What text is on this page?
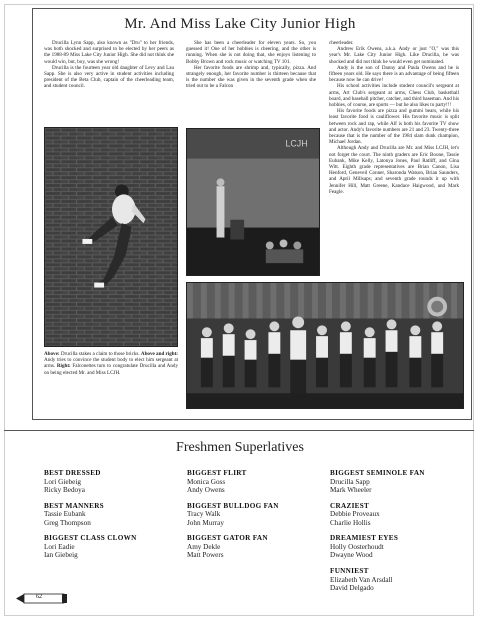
Mr. And Miss Lake City Junior High

Drucilla Lynn Sapp, also known as "Dru" to her friends, was both shocked and surprised to be elected by her peers as the 1988-89 Miss Lake City Junior High. She did not think she would win, but, boy, was she wrong!

Drucilla is the fourteen year old daughter of Levy and Lau Sapp. She is also very active in student activities including president of the Beta Club, captain of the cheerleading team, and student council.

She has been a cheerleader for eleven years. So, you guessed it! One of her hobbies is cheering, and the other is running. When she is not doing that, she enjoys listening to Bobby Brown and rock music or watching TV 101.

Her favorite foods are shrimp and, typically, pizza. And strangely enough, her favorite number is thirteen because that is the number she was given in the seventh grade when she tried out to be a Falcon

cheerleader.

Andrew Erik Owens, a.k.a. Andy or just "O," was this year's Mr. Lake City Junior High. Like Drucilla, he was shocked and did not think he would even get nominated.

Andy is the son of Danny and Paula Owens and he is fifteen years old. He says there is an advantage of being fifteen because now he can drive!

His school activities include student council's sergeant at arms, Art Club's sergeant at arms, Chess Club, basketball board, and baseball pitcher, catcher, and third baseman. And his hobbies, of course, are sports — but he also likes to party!!!

His favorite foods are pizza and gummi bears, while his least favorite food is cauliflower. His favorite music is split between rock and rap, while Alf is both his favorite TV show and actor. Andy's favorite numbers are 21 and 23. Twenty-three because that is the number of the 1984 slam dunk champion, Michael Jordan.

Although Andy and Drucilla are Mr. and Miss LCJH, let's not forget the court. The ninth graders are Eric Boone, Tassie Eubank, Mike Kelly, Latonya Jones, Paul Ratliff, and Gina Witt. Eighth grade representatives are Brian Canon, Lisa Henford, Geneveil Conner, Sharonda Watson, Brian Saunders, and April Millsaps; and seventh grade rounds it up with Jennifer Hill, Matt Greene, Kandace Haigwood, and Mark Feagle.

LCJH
Above: Drucilla stakes a claim to those bricks. Above and right: Andy tries to convince the student body to elect him sergeant at arms. Right: Falconettes turn to congratulate Drucilla and Andy on being elected Mr. and Miss LCJH.
Freshmen Superlatives
BEST DRESSED
Lori Giebeig
Ricky Bedoya
BEST MANNERS
Tassie Eubank
Greg Thompson
BIGGEST CLASS CLOWN
Lori Eadie
Ian Giebeig
BIGGEST FLIRT
Monica Goss
Andy Owens
BIGGEST BULLDOG FAN
Tracy Walk
John Murray
BIGGEST GATOR FAN
Amy Dekle
Matt Powers
BIGGEST SEMINOLE FAN
Drucilla Sapp
Mark Wheeler
CRAZIEST
Debbie Proveaux
Charlie Hollis
DREAMIEST EYES
Holly Oosterhoudt
Dwayne Wood
FUNNIEST
Elizabeth Van Arsdall
David Delgado
62
